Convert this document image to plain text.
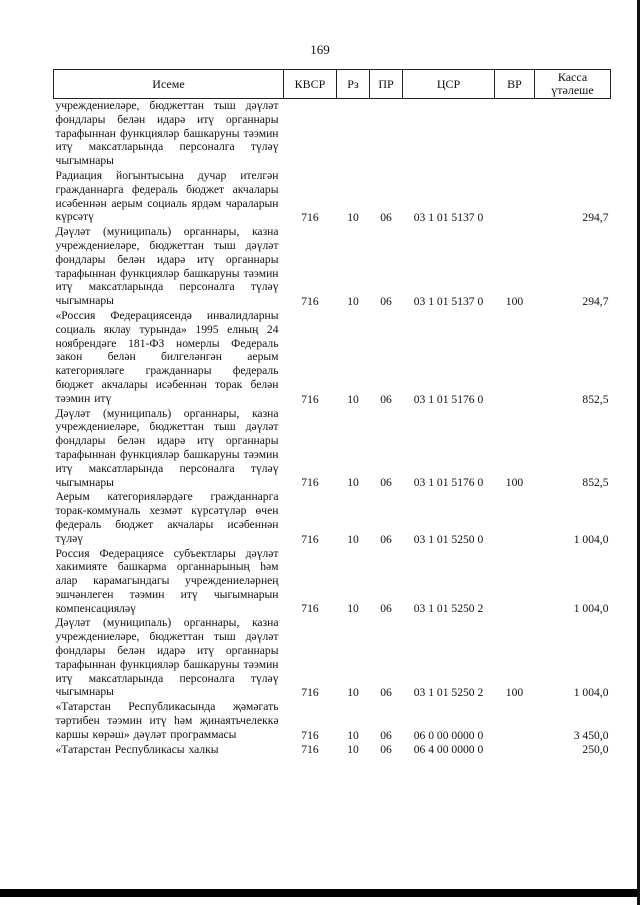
169
Исеме	КВСР	Рз	ПР	ЦСР	ВР	Касса үтәлеше
учреждениеләре, бюджеттан тыш дәүләт фондлары белән идарә итү органнары тарафыннан функцияләр башкаруны тәэмин итү максатларында персоналга түләү чыгымнары						
Радиация йогынтысына дучар ителгән гражданнарга федераль бюджет акчалары исәбеннән аерым социаль ярдәм чараларын күрсәтү	716	10	06	03 1 01 5137 0		294,7
Дәүләт (муниципаль) органнары, казна учреждениеләре, бюджеттан тыш дәүләт фондлары белән идарә итү органнары тарафыннан функцияләр башкаруны тәэмин итү максатларында персоналга түләү чыгымнары	716	10	06	03 1 01 5137 0	100	294,7
«Россия Федерациясендә инвалидларны социаль яклау турында» 1995 елның 24 ноябрендәге 181-ФЗ номерлы Федераль закон белән билгеләнгән аерым категорияләге гражданнары федераль бюджет акчалары исәбеннән торак белән тәэмин итү	716	10	06	03 1 01 5176 0		852,5
Дәүләт (муниципаль) органнары, казна учреждениеләре, бюджеттан тыш дәүләт фондлары белән идарә итү органнары тарафыннан функцияләр башкаруны тәэмин итү максатларында персоналга түләү чыгымнары	716	10	06	03 1 01 5176 0	100	852,5
Аерым категорияләрдәге гражданнарга торак-коммуналь хезмәт күрсәтүләр өчен федераль бюджет акчалары исәбеннән түләү	716	10	06	03 1 01 5250 0		1 004,0
Россия Федерациясе субъектлары дәүләт хакимияте башкарма органнарының һәм алар карамагындагы учреждениеләрнең эшчәнлеген тәэмин итү чыгымнарын компенсацияләү	716	10	06	03 1 01 5250 2		1 004,0
Дәүләт (муниципаль) органнары, казна учреждениеләре, бюджеттан тыш дәүләт фондлары белән идарә итү органнары тарафыннан функцияләр башкаруны тәэмин итү максатларында персоналга түләү чыгымнары	716	10	06	03 1 01 5250 2	100	1 004,0
«Татарстан Республикасында җәмәгать тәртибен тәэмин итү һәм җинаятьчелеккә каршы көрәш» дәүләт программасы	716	10	06	06 0 00 0000 0		3 450,0
«Татарстан Республикасы халкы	716	10	06	06 4 00 0000 0		250,0
